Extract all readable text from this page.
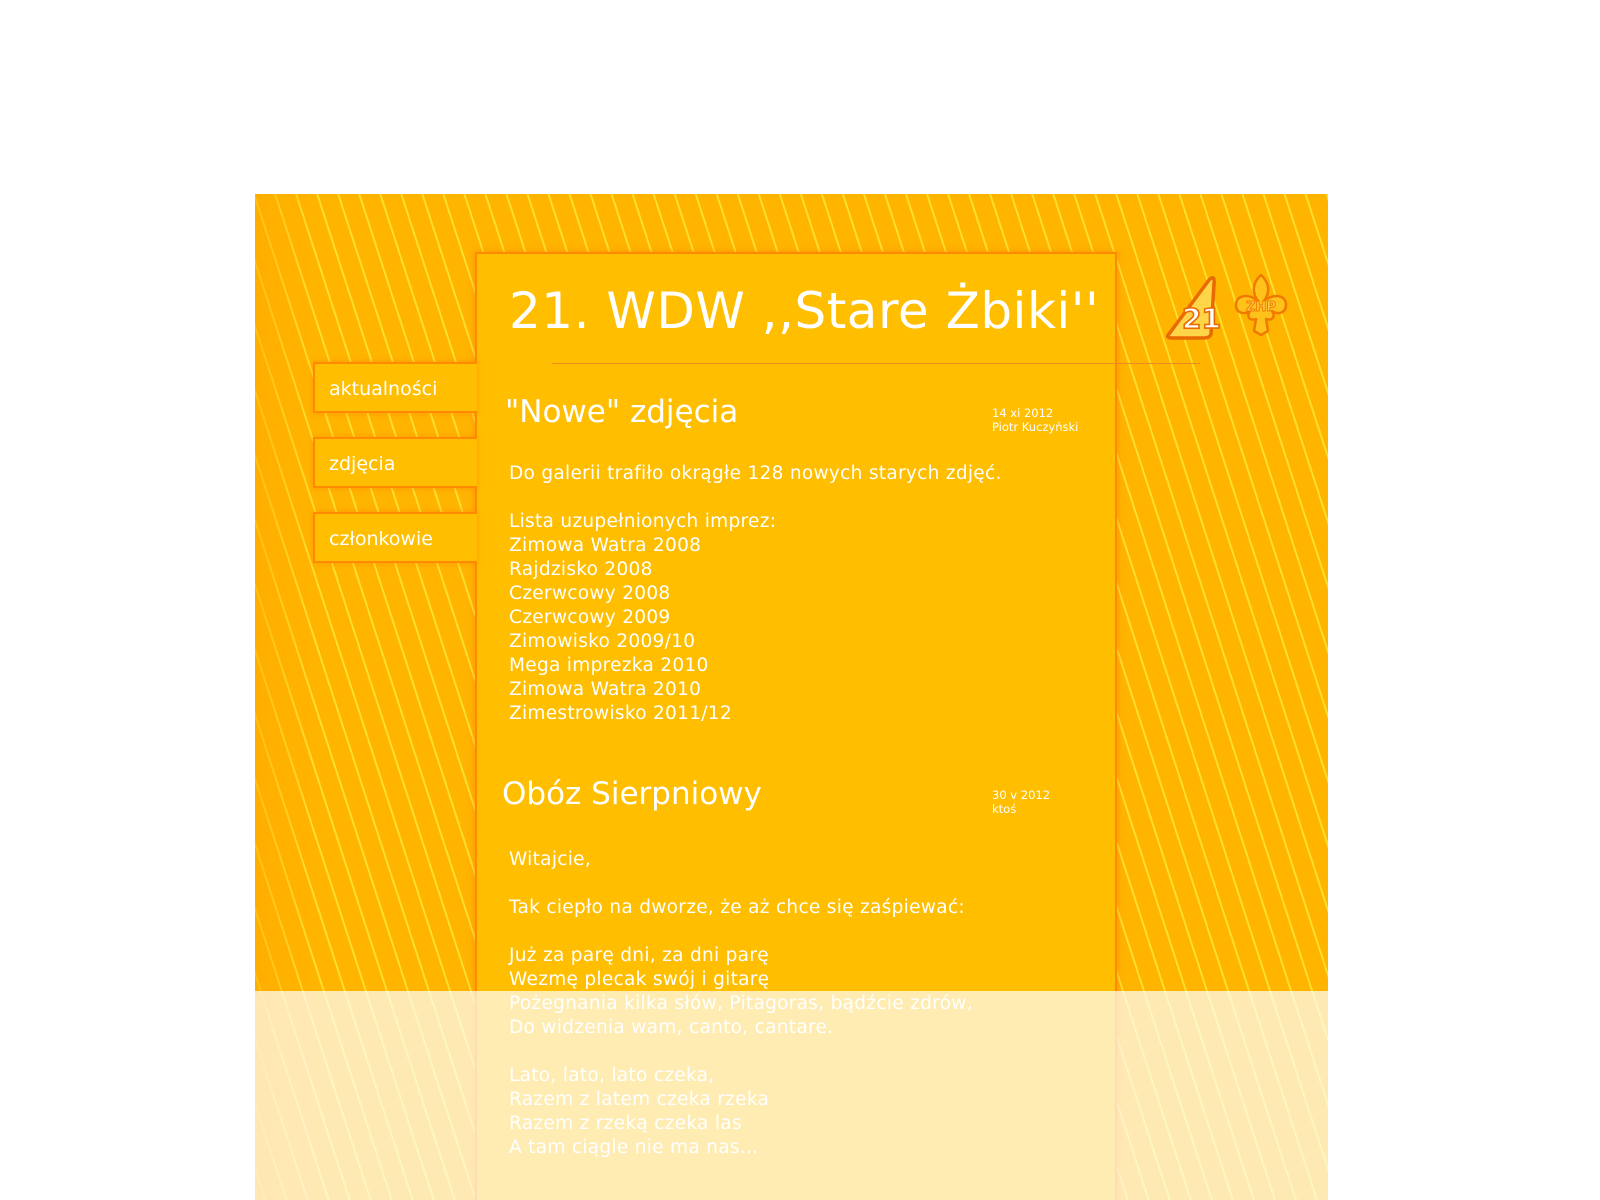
aktualności
zdjęcia
członkowie
21. WDW ,,Stare Żbiki''
"Nowe" zdjęcia	14 xi 2012
Piotr Kuczyński
Do galerii trafiło okrągłe 128 nowych starych zdjęć.

Lista uzupełnionych imprez:
Zimowa Watra 2008
Rajdzisko 2008
Czerwcowy 2008
Czerwcowy 2009
Zimowisko 2009/10
Mega imprezka 2010
Zimowa Watra 2010
Zimestrowisko 2011/12
Obóz Sierpniowy	30 v 2012
ktoś
Witajcie,

Tak ciepło na dworze, że aż chce się zaśpiewać:

Już za parę dni, za dni parę
Wezmę plecak swój i gitarę

21 ZHP
